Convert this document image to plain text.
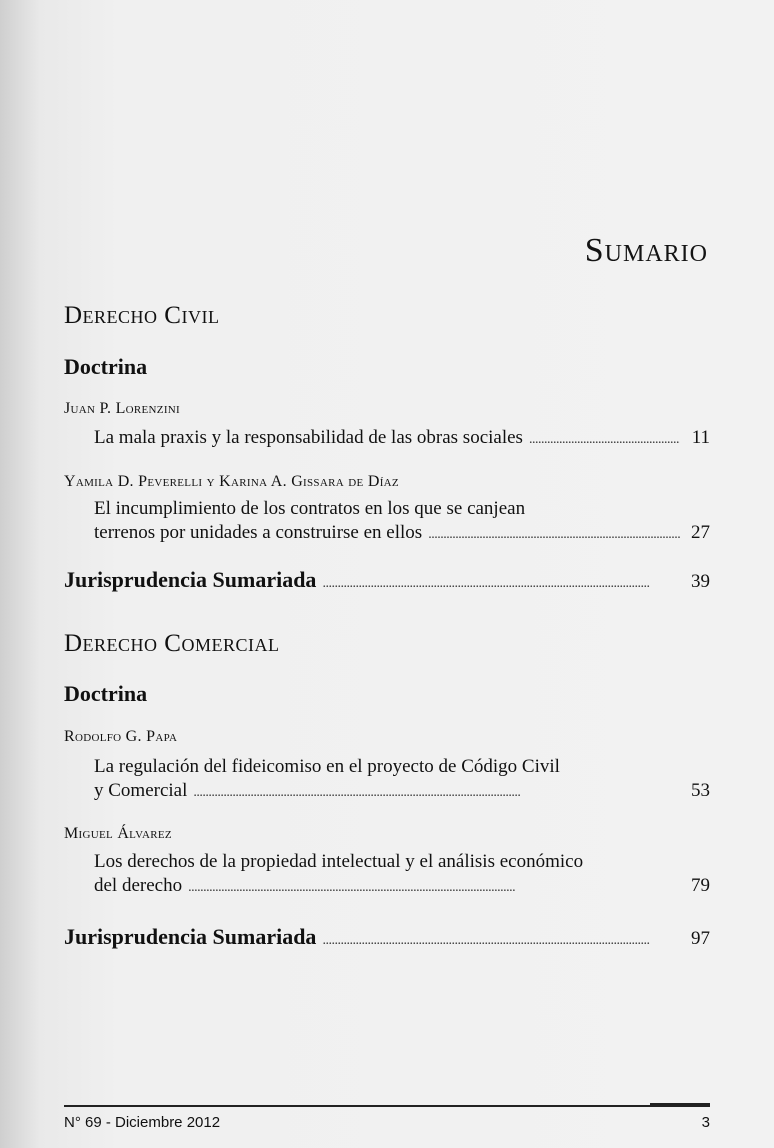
Sumario
Derecho Civil
Doctrina
Juan P. Lorenzini
La mala praxis y la responsabilidad de las obras sociales . . .	11
Yamila D. Peverelli y Karina A. Gissara de Díaz
El incumplimiento de los contratos en los que se canjean
terrenos por unidades a construirse en ellos . . .	27
Jurisprudencia Sumariada . . .	39
Derecho Comercial
Doctrina
Rodolfo G. Papa
La regulación del fideicomiso en el proyecto de Código Civil
y Comercial . . .	53
Miguel Álvarez
Los derechos de la propiedad intelectual y el análisis económico
del derecho . . .	79
Jurisprudencia Sumariada . . .	97
N° 69 - Diciembre 2012	3
